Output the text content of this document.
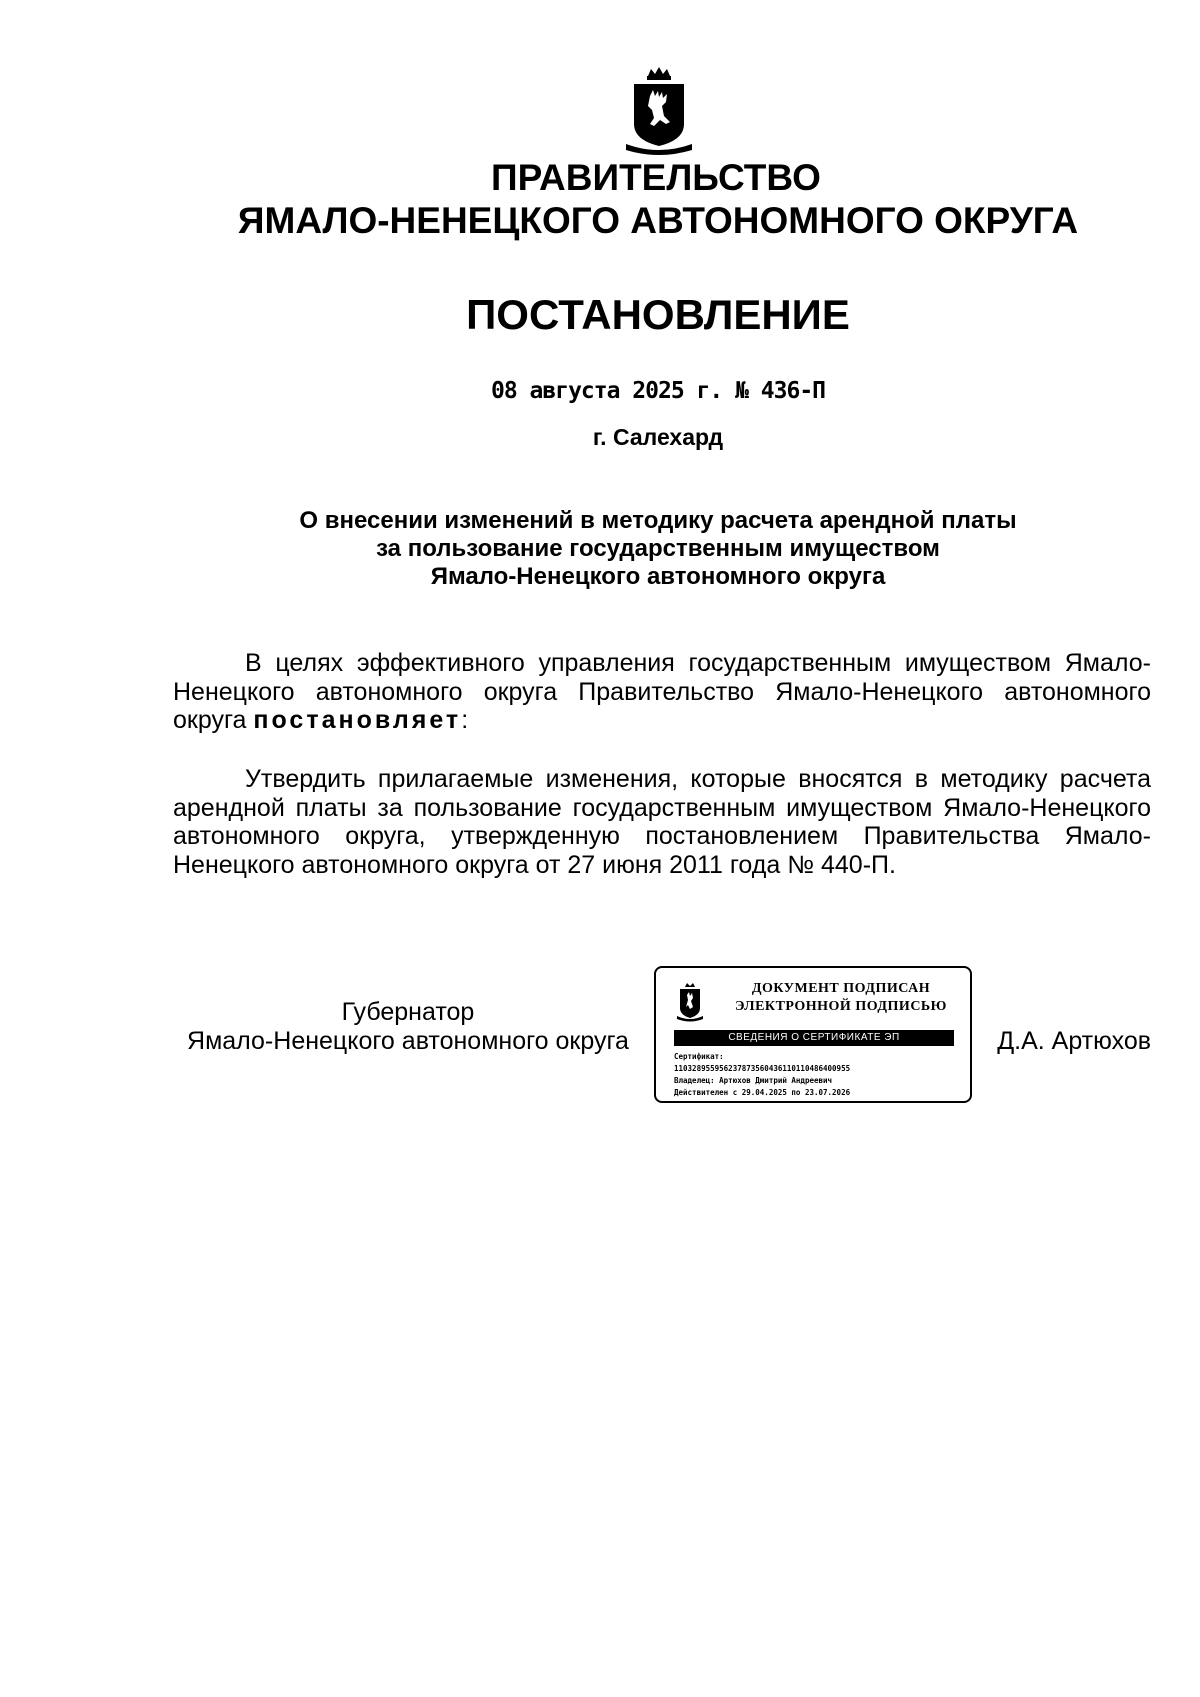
ПРАВИТЕЛЬСТВО
ЯМАЛО-НЕНЕЦКОГО АВТОНОМНОГО ОКРУГА
ПОСТАНОВЛЕНИЕ
08 августа 2025 г. № 436-П
г. Салехард
О внесении изменений в методику расчета арендной платы
за пользование государственным имуществом
Ямало-Ненецкого автономного округа

В целях эффективного управления государственным имуществом Ямало-Ненецкого автономного округа Правительство Ямало-Ненецкого автономного округа постановляет:

Утвердить прилагаемые изменения, которые вносятся в методику расчета арендной платы за пользование государственным имуществом Ямало-Ненецкого автономного округа, утвержденную постановлением Правительства Ямало-Ненецкого автономного округа от 27 июня 2011 года № 440-П.

Губернатор
Ямало-Ненецкого автономного округа
ДОКУМЕНТ ПОДПИСАН
ЭЛЕКТРОННОЙ ПОДПИСЬЮ
СВЕДЕНИЯ О СЕРТИФИКАТЕ ЭП
Сертификат:
110328955956237873560436110110486400955
Владелец: Артюхов Дмитрий Андреевич
Действителен с 29.04.2025 по 23.07.2026
Д.А. Артюхов
